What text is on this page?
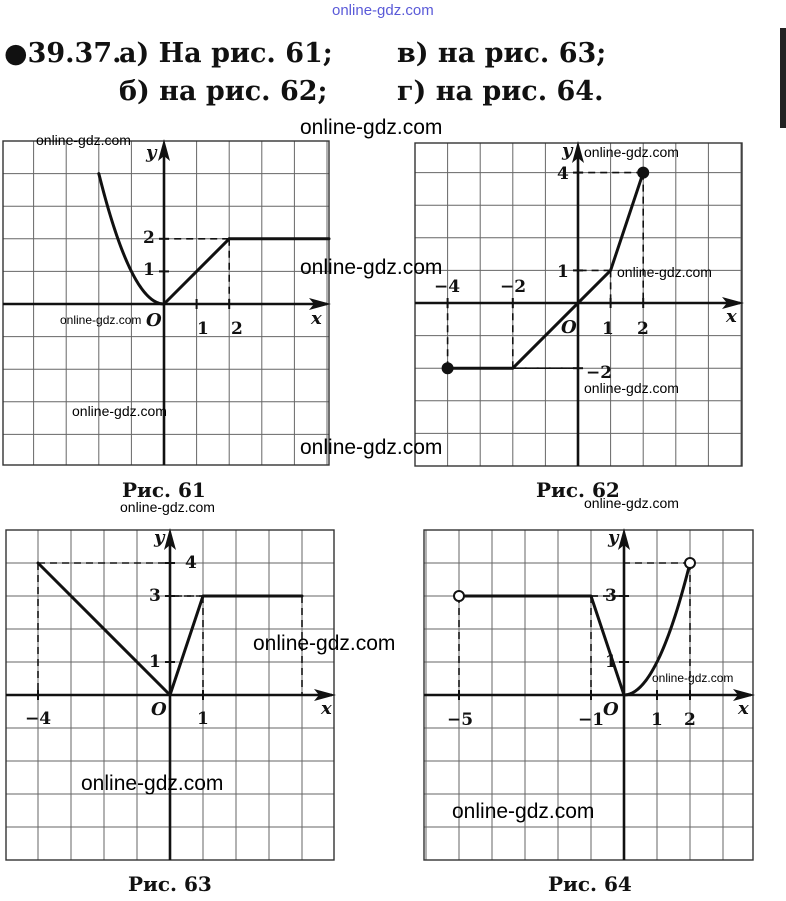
online-gdz.com
●39.37.
а) На рис. 61; в) на рис. 63;
б) на рис. 62;	г) на рис. 64.
x
y
O 1 2
1
2
x
y
O
−4 −2
1 2
4
1
−2
x
y
O
−4	1
4
3
1
x
y
O
−5	−1	1 2
3
1
Рис. 61	Рис. 62
Рис. 63	Рис. 64
online-gdz.com
online-gdz.com
online-gdz.com
online-gdz.com	online-gdz.com
online-gdz.com
online-gdz.com
online-gdz.com
online-gdz.com
online-gdz.com	online-gdz.com
online-gdz.com
online-gdz.com
online-gdz.com
online-gdz.com
